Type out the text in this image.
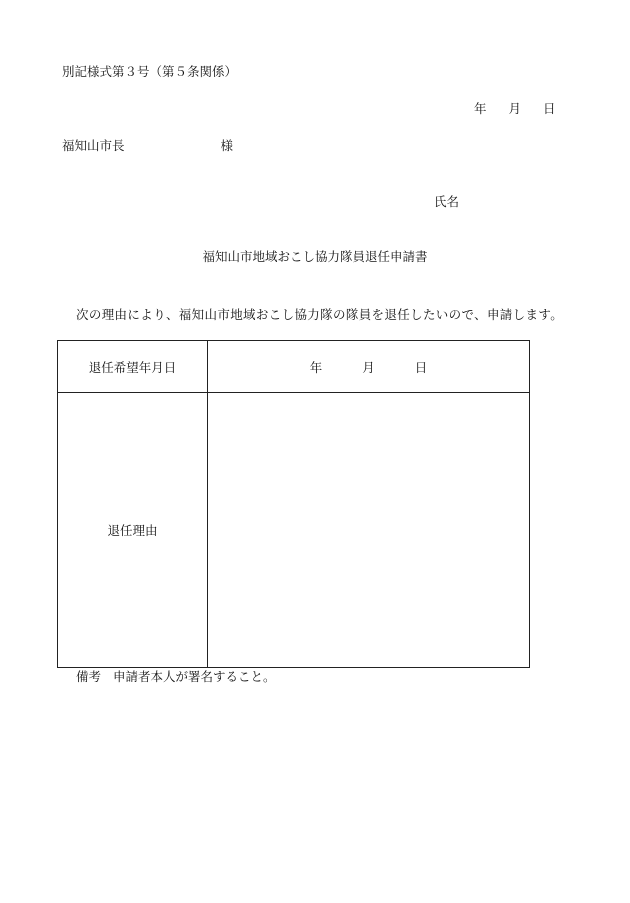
別記様式第３号（第５条関係）
年 月 日
福知山市長	様
氏名
福知山市地域おこし協力隊員退任申請書
次の理由により、福知山市地域おこし協力隊の隊員を退任したいので、申請します。
退任希望年月日	年 月 日
退任理由	
備考 申請者本人が署名すること。
